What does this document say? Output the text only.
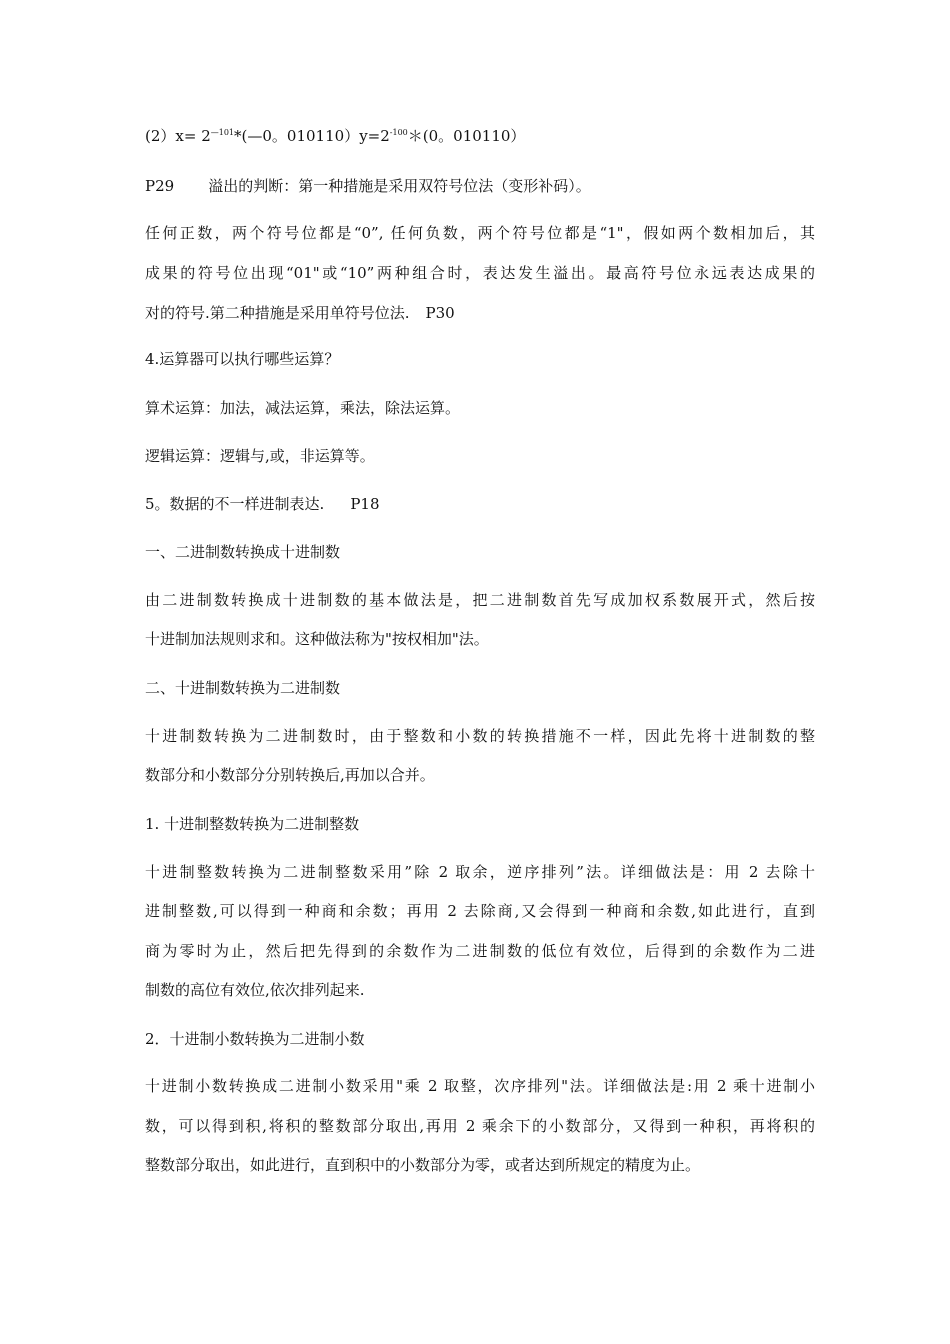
$(2)x= 2^{—101}*(—0$。$010110)y=2^{-100}*(0$。010110）
P29 溢出的判断：第一种措施是采用双符号位法（变形补码）。
任何正数，两个符号位都是“0”, 任何负数，两个符号位都是“1"，假如两个数相加后，其
成果的符号位出现“01"或“10”两种组合时，表达发生溢出。最高符号位永远表达成果的
对的符号.第二种措施是采用单符号位法. P30
4.运算器可以执行哪些运算？
算术运算：加法，减法运算，乘法，除法运算。
逻辑运算：逻辑与,或，非运算等。
5。数据的不一样进制表达. P18
一、二进制数转换成十进制数
由二进制数转换成十进制数的基本做法是，把二进制数首先写成加权系数展开式，然后按
十进制加法规则求和。这种做法称为"按权相加"法。
二、十进制数转换为二进制数
十进制数转换为二进制数时，由于整数和小数的转换措施不一样，因此先将十进制数的整
数部分和小数部分分别转换后,再加以合并。
1. 十进制整数转换为二进制整数
十进制整数转换为二进制整数采用”除 2 取余，逆序排列”法。详细做法是：用 2 去除十
进制整数,可以得到一种商和余数；再用 2 去除商,又会得到一种商和余数,如此进行，直到
商为零时为止，然后把先得到的余数作为二进制数的低位有效位，后得到的余数作为二进
制数的高位有效位,依次排列起来.
2．十进制小数转换为二进制小数
十进制小数转换成二进制小数采用"乘 2 取整，次序排列"法。详细做法是:用 2 乘十进制小
数，可以得到积,将积的整数部分取出,再用 2 乘余下的小数部分，又得到一种积，再将积的
整数部分取出，如此进行，直到积中的小数部分为零，或者达到所规定的精度为止。
